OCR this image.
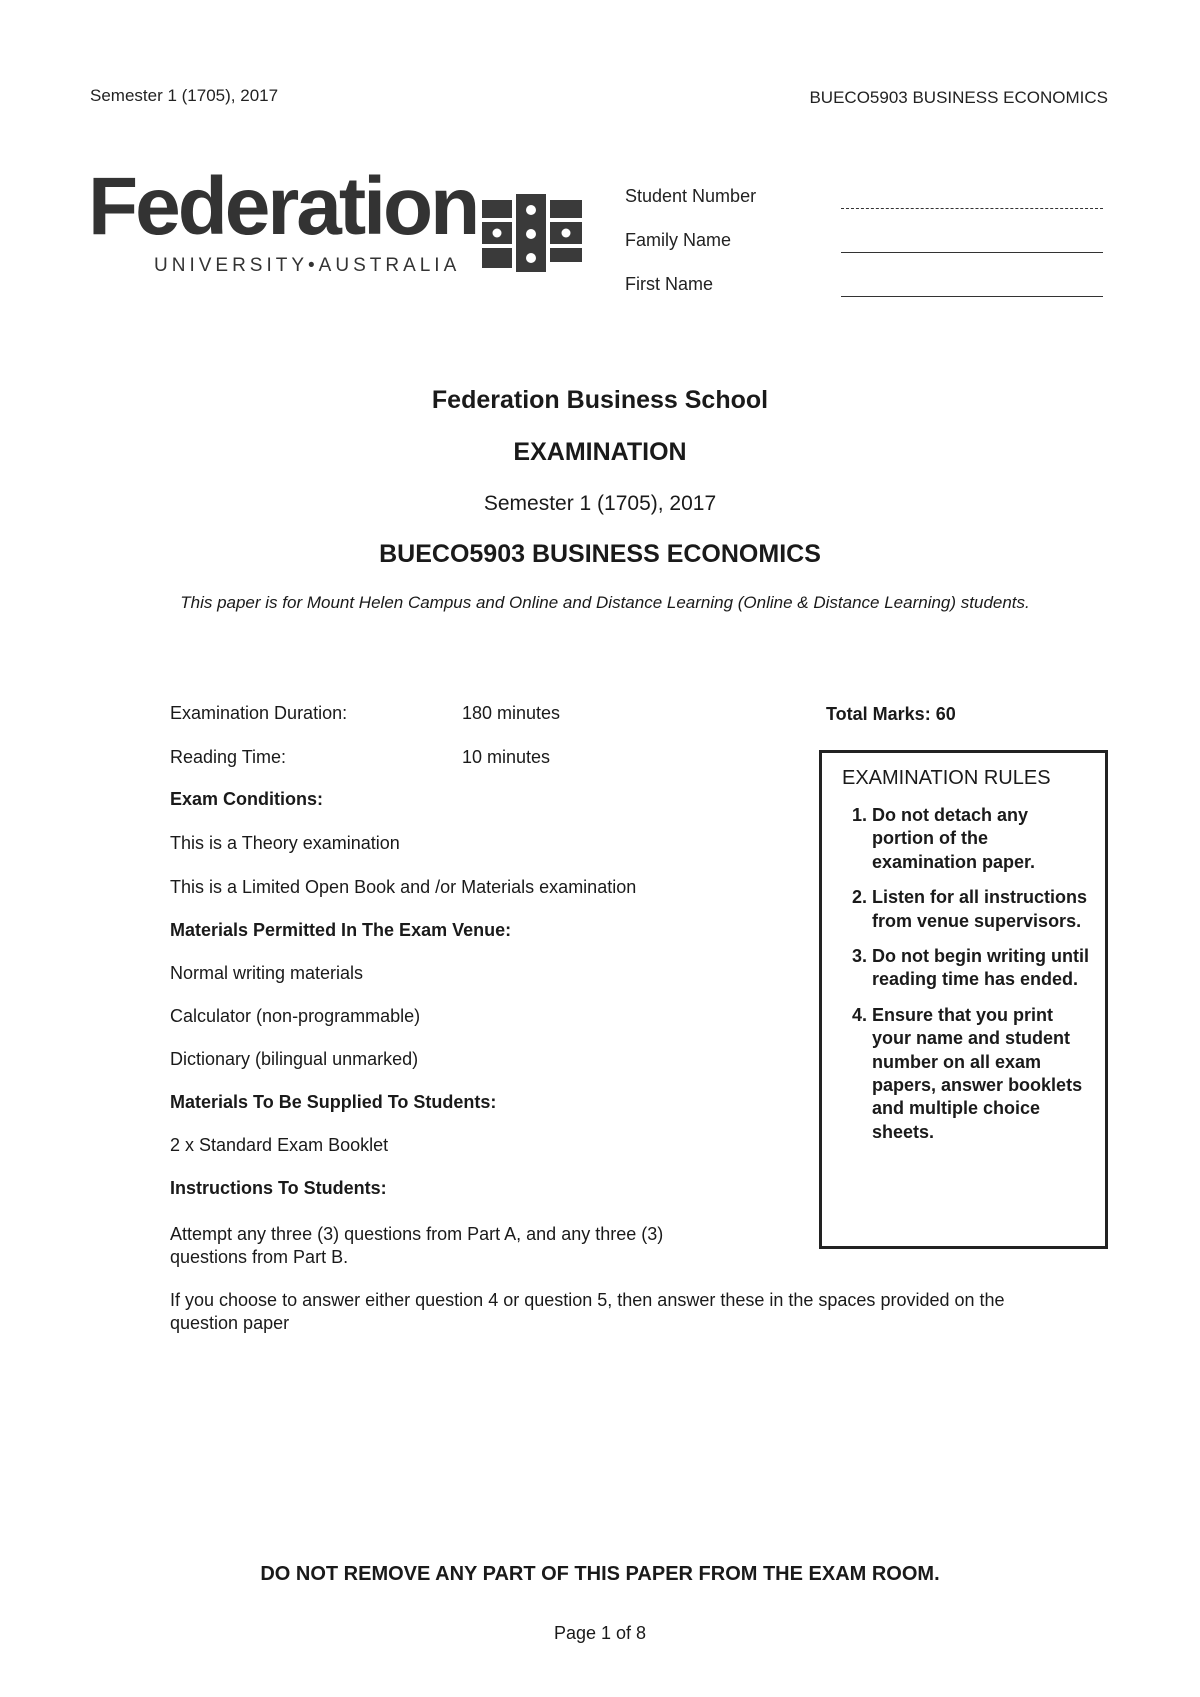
Semester 1 (1705), 2017	BUECO5903 BUSINESS ECONOMICS
Federation
UNIVERSITY•AUSTRALIA
Student Number
Family Name
First Name
Federation Business School
EXAMINATION
Semester 1 (1705), 2017
BUECO5903 BUSINESS ECONOMICS
This paper is for Mount Helen Campus and Online and Distance Learning (Online & Distance Learning) students.
Examination Duration:	180 minutes
Reading Time:	10 minutes
Exam Conditions:
This is a Theory examination
This is a Limited Open Book and /or Materials examination
Materials Permitted In The Exam Venue:
Normal writing materials
Calculator (non-programmable)
Dictionary (bilingual unmarked)
Materials To Be Supplied To Students:
2 x Standard Exam Booklet
Instructions To Students:
Attempt any three (3) questions from Part A, and any three (3) questions from Part B.
If you choose to answer either question 4 or question 5, then answer these in the spaces provided on the question paper
Total Marks: 60
EXAMINATION RULES
1. Do not detach any portion of the examination paper.
2. Listen for all instructions from venue supervisors.
3. Do not begin writing until reading time has ended.
4. Ensure that you print your name and student number on all exam papers, answer booklets and multiple choice sheets.
DO NOT REMOVE ANY PART OF THIS PAPER FROM THE EXAM ROOM.
Page 1 of 8
